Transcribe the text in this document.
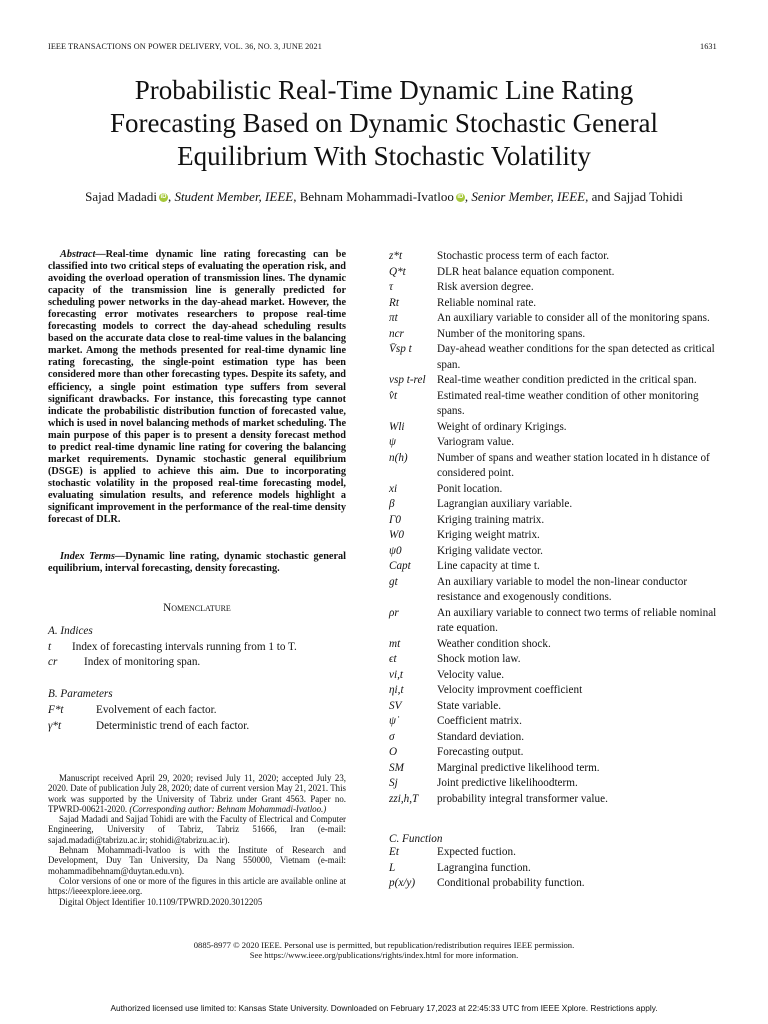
IEEE TRANSACTIONS ON POWER DELIVERY, VOL. 36, NO. 3, JUNE 2021	1631
Probabilistic Real-Time Dynamic Line Rating
Forecasting Based on Dynamic Stochastic General
Equilibrium With Stochastic Volatility
Sajad Madadi iD , Student Member, IEEE, Behnam Mohammadi-Ivatloo iD , Senior Member, IEEE, and Sajjad Tohidi
Abstract—Real-time dynamic line rating forecasting can be classified into two critical steps of evaluating the operation risk, and avoiding the overload operation of transmission lines. The dynamic capacity of the transmission line is generally predicted for scheduling power networks in the day-ahead market. However, the forecasting error motivates researchers to propose real-time forecasting models to correct the day-ahead scheduling results based on the accurate data close to real-time values in the balancing market. Among the methods presented for real-time dynamic line rating forecasting, the single-point estimation type has been considered more than other forecasting types. Despite its safety, and efficiency, a single point estimation type suffers from several significant drawbacks. For instance, this forecasting type cannot indicate the probabilistic distribution function of forecasted value, which is used in novel balancing methods of market scheduling. The main purpose of this paper is to present a density forecast method to predict real-time dynamic line rating for covering the balancing market requirements. Dynamic stochastic general equilibrium (DSGE) is applied to achieve this aim. Due to incorporating stochastic volatility in the proposed real-time forecasting model, evaluating simulation results, and reference models highlight a significant improvement in the performance of the real-time density forecast of DLR.
Index Terms—Dynamic line rating, dynamic stochastic general equilibrium, interval forecasting, density forecasting.
Nomenclature
A. Indices
t Index of forecasting intervals running from 1 to T.
cr Index of monitoring span.
B. Parameters
F*t	Evolvement of each factor.
γ*t	Deterministic trend of each factor.

Manuscript received April 29, 2020; revised July 11, 2020; accepted July 23, 2020. Date of publication July 28, 2020; date of current version May 21, 2021. This work was supported by the University of Tabriz under Grant 4563. Paper no. TPWRD-00621-2020. (Corresponding author: Behnam Mohammadi-Ivatloo.)

Sajad Madadi and Sajjad Tohidi are with the Faculty of Electrical and Computer Engineering, University of Tabriz, Tabriz 51666, Iran (e-mail: sajad.madadi@tabrizu.ac.ir; stohidi@tabrizu.ac.ir).

Behnam Mohammadi-Ivatloo is with the Institute of Research and Development, Duy Tan University, Da Nang 550000, Vietnam (e-mail: mohammadibehnam@duytan.edu.vn).

Color versions of one or more of the figures in this article are available online at https://ieeexplore.ieee.org.

Digital Object Identifier 10.1109/TPWRD.2020.3012205

z*t	Stochastic process term of each factor.
Q*t	DLR heat balance equation component.
τ	Risk aversion degree.
Rt	Reliable nominal rate.
πt	An auxiliary variable to consider all of the monitoring spans.
ncr	Number of the monitoring spans.
V̄sp t	Day-ahead weather conditions for the span detected as critical span.
vsp t-rel	Real-time weather condition predicted in the critical span.
v̂t	Estimated real-time weather condition of other monitoring spans.
Wli	Weight of ordinary Krigings.
ψ	Variogram value.
n(h)	Number of spans and weather station located in h distance of considered point.
xi	Ponit location.
β	Lagrangian auxiliary variable.
Γ0	Kriging training matrix.
W0	Kriging weight matrix.
ψ0	Kriging validate vector.
Capt	Line capacity at time t.
gt	An auxiliary variable to model the non-linear conductor resistance and exogenously conditions.
ρr	An auxiliary variable to connect two terms of reliable nominal rate equation.
mt	Weather condition shock.
ϵt	Shock motion law.
vi,t	Velocity value.
ηi,t	Velocity improvment coefficient
SV	State variable.
ψ̇	Coefficient matrix.
σ	Standard deviation.
O	Forecasting output.
SM	Marginal predictive likelihood term.
Sj	Joint predictive likelihoodterm.
zzi,h,T	probability integral transformer value.
C. Function
Et	Expected fuction.
L	Lagrangina function.
p(x/y)	Conditional probability function.
0885-8977 © 2020 IEEE. Personal use is permitted, but republication/redistribution requires IEEE permission.
See https://www.ieee.org/publications/rights/index.html for more information.
Authorized licensed use limited to: Kansas State University. Downloaded on February 17,2023 at 22:45:33 UTC from IEEE Xplore. Restrictions apply.
